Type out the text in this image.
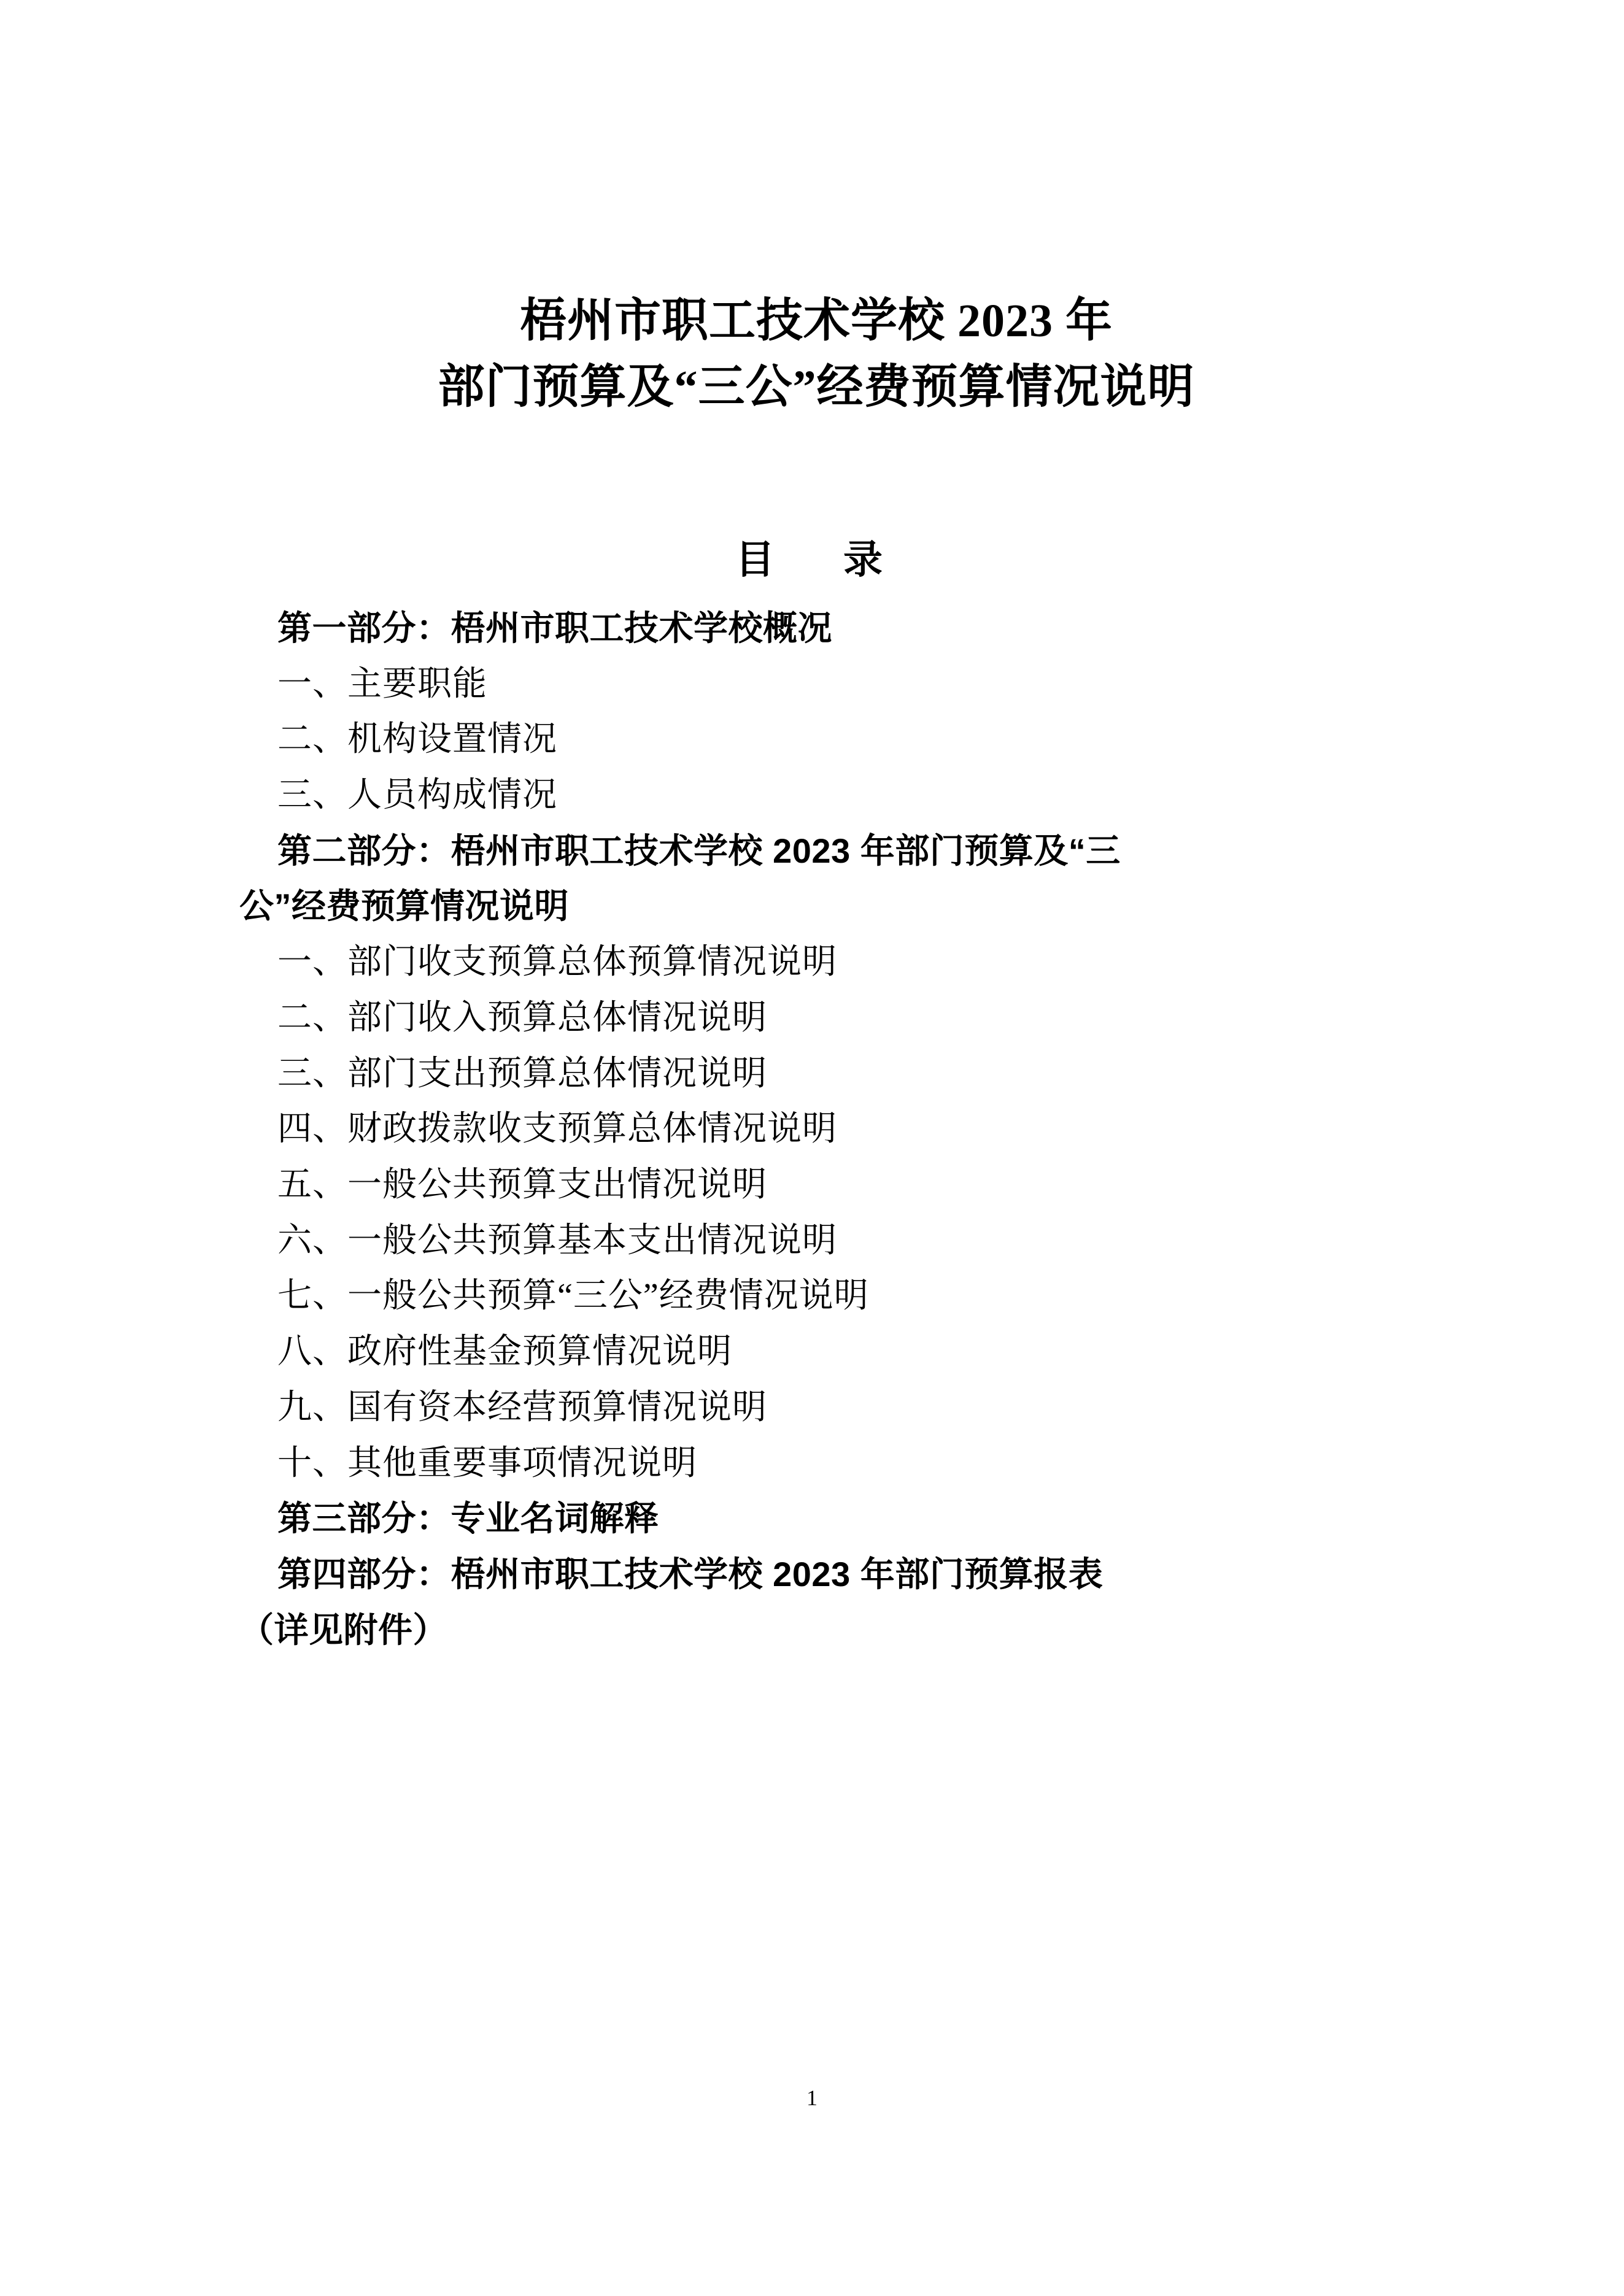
梧州市职工技术学校 2023 年
部门预算及“三公”经费预算情况说明
目　录
第一部分：梧州市职工技术学校概况
一、主要职能
二、机构设置情况
三、人员构成情况
第二部分：梧州市职工技术学校 2023 年部门预算及“三
公”经费预算情况说明
一、部门收支预算总体预算情况说明
二、部门收入预算总体情况说明
三、部门支出预算总体情况说明
四、财政拨款收支预算总体情况说明
五、一般公共预算支出情况说明
六、一般公共预算基本支出情况说明
七、一般公共预算“三公”经费情况说明
八、政府性基金预算情况说明
九、国有资本经营预算情况说明
十、其他重要事项情况说明
第三部分：专业名词解释
第四部分：梧州市职工技术学校 2023 年部门预算报表
（详见附件）
1
